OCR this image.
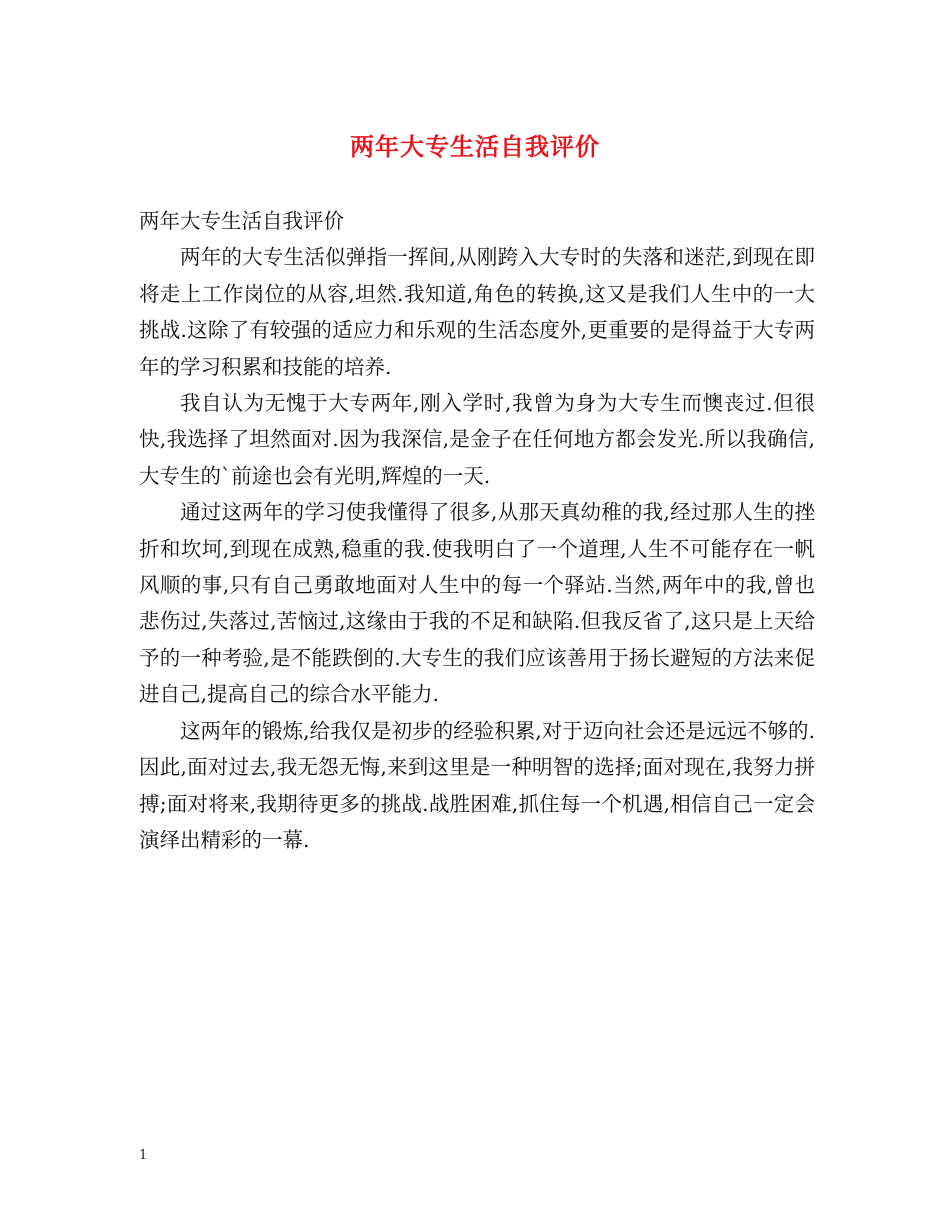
两年大专生活自我评价

两年大专生活自我评价

两年的大专生活似弹指一挥间,从刚跨入大专时的失落和迷茫,到现在即将走上工作岗位的从容,坦然.我知道,角色的转换,这又是我们人生中的一大挑战.这除了有较强的适应力和乐观的生活态度外,更重要的是得益于大专两年的学习积累和技能的培养.

我自认为无愧于大专两年,刚入学时,我曾为身为大专生而懊丧过.但很快,我选择了坦然面对.因为我深信,是金子在任何地方都会发光.所以我确信,大专生的`前途也会有光明,辉煌的一天.

通过这两年的学习使我懂得了很多,从那天真幼稚的我,经过那人生的挫折和坎坷,到现在成熟,稳重的我.使我明白了一个道理,人生不可能存在一帆风顺的事,只有自己勇敢地面对人生中的每一个驿站.当然,两年中的我,曾也悲伤过,失落过,苦恼过,这缘由于我的不足和缺陷.但我反省了,这只是上天给予的一种考验,是不能跌倒的.大专生的我们应该善用于扬长避短的方法来促进自己,提高自己的综合水平能力.

这两年的锻炼,给我仅是初步的经验积累,对于迈向社会还是远远不够的.因此,面对过去,我无怨无悔,来到这里是一种明智的选择;面对现在,我努力拼搏;面对将来,我期待更多的挑战.战胜困难,抓住每一个机遇,相信自己一定会演绎出精彩的一幕.

1
